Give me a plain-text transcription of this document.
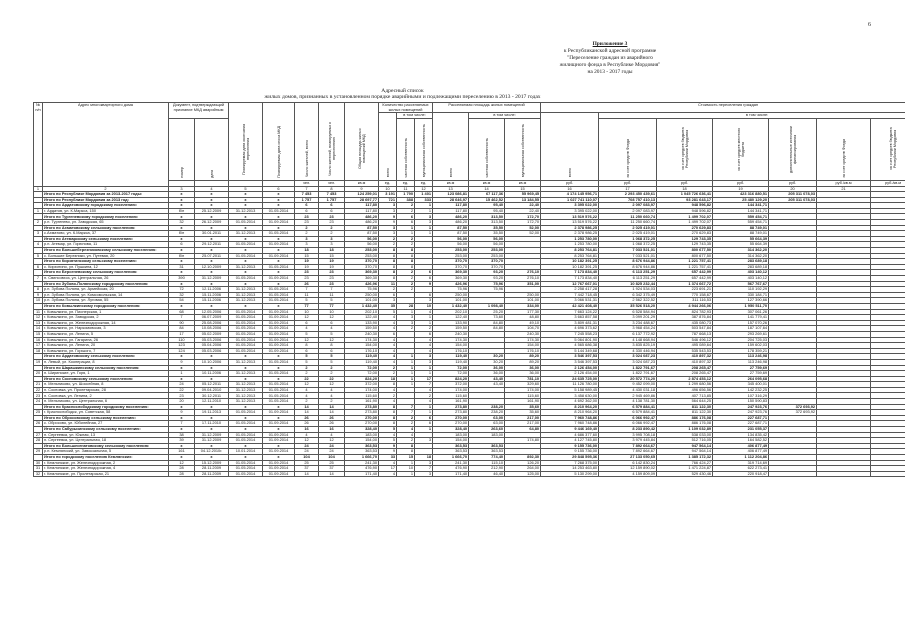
6
Приложение 3
к Республиканской адресной программе
"Переселение граждан из аварийного
жилищного фонда в Республике Мордовия"
на 2013 - 2017 годы
Адресный список
жилых домов, признанных в установленном порядке аварийными и подлежащими переселению в 2013 - 2017 годах
№ п/п	Адрес многоквартирного дома	Документ, подтверждающий признание МКД аварийным		Планируемая дата окончания переселения	Планируемая дата сноса МКД	Число жителей, всего	Число жителей, планируемых к переселению	Общая площадь жилых помещений МКД	Количество расселяемых жилых помещений			Расселяемая площадь жилых помещений			Стоимость переселения граждан						
									всего	в том числе:		всего	в том числе:		всего	в том числе:					
		номер	дата							частная собственность	муниципальная собственность		частная собственность	муниципальная собственность		за счет средств Фонда	за счет средств бюджета Республики Мордовия	за счет средств местного бюджета	дополнительные источники финансирования	за счет средств Фонда	за счет средств бюджета Республики Мордовия
						чел.	чел.	кв.м	ед.	ед.	ед.	кв.м	кв.м	кв.м	руб.	руб.	руб.	руб.	руб.	руб./кв.м	руб./кв.м
1	2	3	4	5	6	7	8	9	10	11	12	13	14	15	16	17	18	19	20	21	
	Итого по Республике Мордовия за 2013-2017 годы:	x	x	x	x	7 453	7 453	124 259,01	3 191	1 790	1 401	123 086,81	67 117,36	55 969,45	4 174 145 956,71	2 293 450 439,61	1 045 726 636,41	423 316 880,51	205 311 078,03		
	Итого по Республике Мордовия за 2013 год:	x	x	x	x	1 757	1 757	28 697,77	721	388	333	28 646,97	15 462,52	13 184,55	1 027 741 110,07	708 757 410,13	93 281 643,17	25 480 129,20	205 311 078,03		
	Итого по Ардатовскому городскому поселению:	x	x	x	x	6	6	117,80	3	2	1	117,80	95,40	22,40	3 395 022,00	2 097 083,97	948 596,82	144 341,71			
1	г. Ардатов, ул. К.Маркса, 150	б/н	25.12.2009	31.12.2013	01.05.2014	6	6	117,80	3	2	1	117,80	95,40	22,40	3 395 022,00	2 097 083,97	948 596,82	144 341,71			
	Итого по Тургеневскому городскому поселению:	x	x	x	x	23	23	486,20	9	6	3	486,20	313,50	172,70	13 519 576,22	11 250 660,74	1 499 702,07	559 454,71			
2	р.п. Тургенево, ул. Заводская, 65	32	26.12.2009	01.05.2014	01.09.2014	23	23	486,20	9	6	3	486,20	313,50	172,70	13 519 576,22	11 250 660,74	1 499 702,07	559 454,71			
	Итого по Ахматовскому сельскому поселению:	x	x	x	x	2	2	87,50	3	1	1	87,50	35,50	52,00	2 378 986,25	2 025 419,01	270 629,83	88 749,01			
3	с.Ахматово, ул. К.Маркса, 37	б/н	30.01.2011	31.12.2013	01.05.2014	2	2	87,50	3	1	1	87,50	35,50	52,00	2 378 986,25	2 025 419,01	270 629,83	88 749,01			
	Итого по Атемарскому сельскому поселению:	x	x	x	x	3	3	56,00	2	2		56,00	56,00		1 253 780,00	1 068 372,25	129 743,35	55 664,39			
4	р.п. Атемар, ул. Горюнова, 11	6	29.12.2011	01.05.2014	01.09.2014	3	3	56,00	2	2		56,00	56,00		1 253 780,00	1 068 372,25	129 743,35	55 664,39			
	Итого по Большеберезниковскому сельскому поселению:	x	x	x	x	18	18	253,00	8	8		253,00	253,00		8 253 764,81	7 033 521,01	800 677,50	314 362,20			
5	с. Большие Березники, ул. Путевая, 20	б/н	25.07.2011	01.05.2014	01.09.2014	15	15	253,00	8	8		253,00	253,00		8 253 764,81	7 033 521,01	800 677,50	314 362,20			
	Итого по Кирзятинскому сельскому поселению:	x	x	x	x	19	19	370,70	8	8		370,70	370,70		10 182 391,25	8 676 944,86	1 221 757,41	283 689,18			
6	с. Кирзятино, ул. Пушкина, 12	31	12.10.2009	31.12.2013	01.05.2014	19	19	370,70	8	8		370,70	370,70		10 182 391,25	8 676 944,86	1 221 757,41	283 689,18			
	Итого по Берсеневскому сельскому поселению:	x	x	x	x	23	23	369,30	8	2	6	369,30	93,20	276,10	7 173 834,40	6 113 251,29	657 442,99	403 140,12			
7	п. Свинсовхоз, ул. Центральная, 26	390	31.12.2009	01.05.2014	01.09.2014	23	23	369,30	8	2	6	369,30	93,20	276,10	7 173 834,40	6 113 251,29	657 442,99	403 140,12			
	Итого по Зубово-Полянскому городскому поселению:	x	x	x	x	26	23	426,96	11	2	9	426,96	75,96	351,00	12 767 667,01	10 825 232,44	1 374 667,72	567 767,67			
8	р.п. Зубова Поляна, ул. Армейская, 20	72	12.11.2006	31.12.2013	01.05.2014	7	7	75,96	2	2		75,96	75,96		2 258 417,28	1 924 534,03	223 691,21	110 192,29			
9	р.п. Зубова Поляна, ул. Комсомольская, 14	32	15.11.2006	31.12.2013	01.05.2014	11	11	250,00	6		6	250,00		250,00	7 442 718,45	6 342 375,49	770 158,67	330 184,71			
10	р.п. Зубова Поляна, ул. Луговая, 55	54	15.11.2006	31.12.2013	01.05.2014	5	5	101,00	3		3	101,00		101,00	3 066 531,31	2 562 322,52	311 116,53	127 390,66			
	Итого по Ковылкинскому городскому поселению:	x	x	x	x	77	77	1 432,40	35	28	10	1 432,40	1 098,40	334,00	42 421 408,40	35 526 518,20	4 944 266,06	1 950 511,70			
11	г. Ковылкино, ул. Пионерская, 1	68	12.05.2006	01.05.2014	01.09.2014	10	10	202,10	5	1	4	202,10	25,20	177,30	7 663 124,22	6 528 584,94	824 782,93	307 061,26			
12	г. Ковылкино, ул. Заводская, 2	7	06.07.2009	01.05.2014	01.09.2014	12	12	122,40	4	3	1	122,40	73,60	48,80	3 663 857,58	3 099 201,29	387 876,84	141 779,41			
13	г. Ковылкино, ул. Железнодорожная, 14	90	25.08.2006	01.05.2014	01.09.2014	6	6	133,90	4	3	1	133,90	84,80	49,10	3 809 481,31	3 234 488,67	435 080,73	157 070,26			
14	г. Ковылкино, ул. Наркомовская, 3	84	10.08.2006	01.05.2014	01.09.2014	4	4	159,50	4	2	2	159,50	84,80	104,70	4 696 373,62	3 968 454,24	503 547,84	187 107,64			
15	г. Ковылкино, ул. Ленина, 5	17	05.02.2009	01.05.2014	01.09.2014	5	5	240,30	6		6	240,30		240,30	7 245 558,23	6 137 772,92	787 668,13	293 269,61			
16	г. Ковылкино, ул. Гагарина, 26	110	05.03.2006	01.05.2014	01.09.2014	12	12	174,30	4		4	174,30		174,30	5 064 801,90	4 148 668,94	546 496,12	204 725,03			
17	г. Ковылкино, ул. Ленина, 20	123	05.04.2006	01.05.2014	01.09.2014	8	8	154,00	4		4	154,00		154,00	4 565 686,38	3 835 825,19	495 089,64	159 602,03			
18	г. Ковылкино, ул. Горького, 7	124	05.03.2006	01.05.2014	01.09.2014	6	6	176,10	4		4	176,10		176,10	5 144 349,68	4 330 446,94	535 543,53	178 359,21			
	Итого по Ардатовскому сельскому поселению:	x	x	x	x	5	5	119,40	4	1	3	119,40	30,20	89,20	3 546 397,53	3 024 087,23	410 897,32	113 246,98			
19	п. Левый, ул. Кооперации, 8	9	10.10.2006	31.12.2013	01.05.2014	5	5	119,40	4	1	3	119,40	30,20	89,20	3 546 397,53	3 024 087,23	410 897,32	113 246,98			
	Итого по Шарашкинскому сельскому поселению:	x	x	x	x	2	2	72,00	2	1	1	72,00	36,00	36,00	2 126 454,00	1 822 791,67	208 265,47	27 759,69			
20	п. Ширинские, ул. Горя, 1	1	10.11.2006	31.12.2013	01.05.2014	2	2	72,00	2	1	1	72,00	36,00	36,00	2 126 454,00	1 822 791,67	208 265,47	27 759,69			
	Итого по Сосновскому сельскому поселению:	x	x	x	x	22	22	824,20	18	1	17	824,20	43,40	781,10	24 635 725,00	20 572 774,20	2 874 453,12	264 095,68			
21	п. Мельниково, ул. Шоссейная, 8	24	05.12.2011	31.12.2013	01.05.2014	12	12	372,00	8	1	7	372,00	43,40	329,60	11 126 780,00	9 452 099,00	1 299 680,56	345 400,01			
22	п. Сосновка, ул. Пролетарская, 28	22	09.04.2010	31.12.2013	01.05.2014	4	4	174,00	4		4	174,00		174,00	5 158 989,45	4 430 031,18	496 656,56	142 232,25			
23	п. Сосновка, ул. Ленина, 2	23	30.12.2011	31.12.2013	01.05.2014	4	4	115,60	2		2	115,60		115,60	3 458 630,00	2 945 469,86	407 713,85	107 316,29			
24	п. Мельниково, ул. Центральная, 6	20	12.11.2010	31.12.2013	01.05.2014	2	2	161,90	4		4	161,90		161,90	4 692 362,00	4 138 781,30	564 644,25	150 590,83			
	Итого по Краснослободскому городскому поселению:	x	x	x	x	14	14	273,80	8	7	1	273,80	238,20	35,60	8 210 964,20	6 579 884,41	811 122,30	247 923,76	372 693,92		
25	г. Краснослободск, ул. Советская, 58	9	19.11.2013	01.05.2014	01.09.2014	14	14	273,80	8	7	1	273,80	238,20	35,60	8 210 964,20	6 579 884,41	811 122,30	247 923,76	372 693,92		
	Итого по Обросовскому сельскому поселению:	x	x	x	x	26	26	270,00	8	2	6	270,00	63,00	217,00	7 960 748,86	6 066 992,47	886 176,08	227 687,71			
26	с. Обросово, ул. Юбилейная, 27	7	17.11.2010	01.05.2014	01.09.2014	26	26	270,00	8	2	6	270,00	63,00	217,00	7 960 748,86	6 066 992,47	886 176,08	227 687,71			
	Итого по Сабурызинскому сельскому поселению:	x	x	x	x	16	16	328,40	5	4	1	328,40	263,60	64,80	9 446 169,40	8 233 890,42	1 109 032,89	231 055,37			
27	п. Сергеевка, ул. Южная, 13	38	31.12.2009	01.05.2014	01.09.2014	4	4	183,00	4	4		183,00	183,00		4 686 377,60	3 995 708,18	538 033,00	134 835,42			
28	п. Сергеевка, ул. Центральная, 18	39	31.12.2009	01.05.2014	01.09.2014	12	12	154,00	5	2	3	154,00		174,80	4 127 745,80	3 979 445,84	512 716,05	164 582,52			
	Итого по Большеигнатовскому сельскому поселению:	x	x	x	x	24	24	363,53	9	8		363,53	363,53		9 155 736,00	7 892 664,67	947 564,14	406 877,49			
29	р.п. Кемлянский, ул. Завокзальная, 5	161	04.12.2010г.	10.01.2014	01.09.2014	24	24	363,53	9	8		363,53	363,53		9 155 736,00	7 892 664,67	947 564,14	406 877,49			
	Итого по городскому поселению Кемлянских:	x	x	x	x	104	104	1 666,70	33	15	18	1 666,70	774,40	892,30	29 848 595,36	27 133 050,65	1 385 172,32	1 112 204,86			
30	г. Кемлянские, ул. Железнодорожная, 2	12	15.12.2009	01.05.2014	01.09.2014	25	25	241,30	4	1	3	241,30	115,10	126,20	7 268 375,00	6 142 830,24	766 424,27	319 714,69			
31	г. Кемлянские, ул. Железнодорожная, 4	28	28.11.2009	01.05.2014	01.09.2014	37	37	476,90	17	10	7	476,90	212,90	264,00	14 253 463,80	12 159 890,02	1 471 224,87	622 273,41			
32	г. Кемлянские, ул. Пролетарская, 21	28	28.11.2009	01.05.2014	01.09.2014	14	14	171,40	4	1	3	171,40	46,40	125,00	5 130 299,00	4 159 809,09	529 430,46	220 918,47			
